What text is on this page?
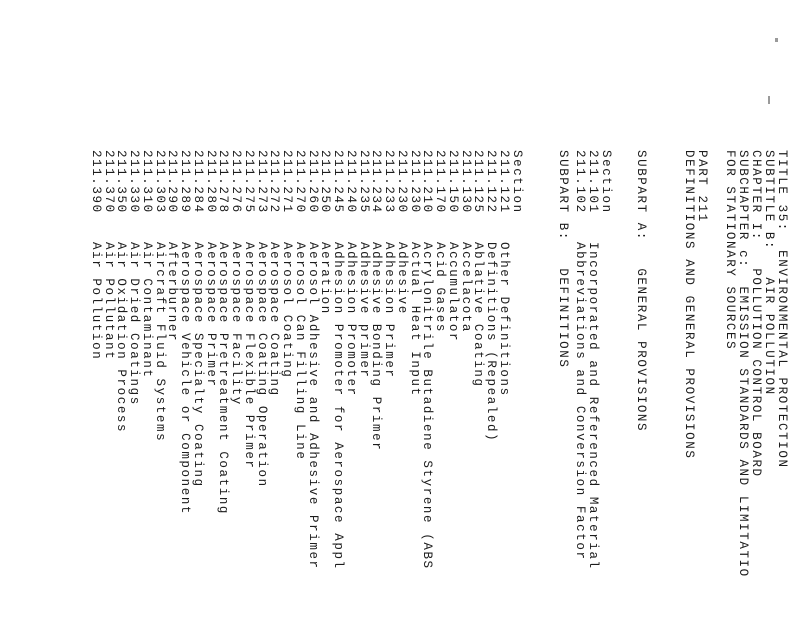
TITLE 35:  ENVIRONMENTAL PROTECTION
SUBTITLE B:   AIR POLLUTION
CHAPTER I:   POLLUTION CONTROL BOARD
SUBCHAPTER c:  EMISSION STANDARDS AND LIMITATIO
FOR STATIONARY SOURCES
PART 211
DEFINITIONS AND GENERAL PROVISIONS
SUBPART A:   GENERAL PROVISIONS
Section
211.101
Incorporated and Referenced Material
211.102
Abbreviations and Conversion Factor
SUBPART B:   DEFINITIONS
Section
211.121
Other Definitions
211.122
Definitions (Repealed)
211.125
Ablative Coating
211.130
Accelacota
211.150
Accumulator
211.170
Acid Gases
211.210
Acrylonitrile Butadiene Styrene (ABS
211.230
Actual Heat Input
211.230
Adhesive
211.233
Adhesion Primer
211.234
Adhesive Bonding Primer
211.235
Adhesive primer
211.240
Adhesion Promoter
211.245
Adhesion Promoter for Aerospace Appl
211.250
Aeration
211.260
Aerosol Adhesive and Adhesive Primer
211.270
Aerosol Can Filling Line
211.271
Aerosol Coating
211.272
Aerospace Coating
211.273
Aerospace Coating Operation
211.275
Aerospace Flexible Primer
211.276
Aerospace Facility
211.278
Aerospace Pretreatment Coating
211.280
Aerospace Primer
211.284
Aerospace Specialty Coating
211.289
Aerospace Vehicle or Component
211.290
Afterburner
211.303
Aircraft Fluid Systems
211.310
Air Contaminant
211.330
Air Dried Coatings
211.350
Air Oxidation Process
211.370
Air Pollutant
211.390
Air Pollution
